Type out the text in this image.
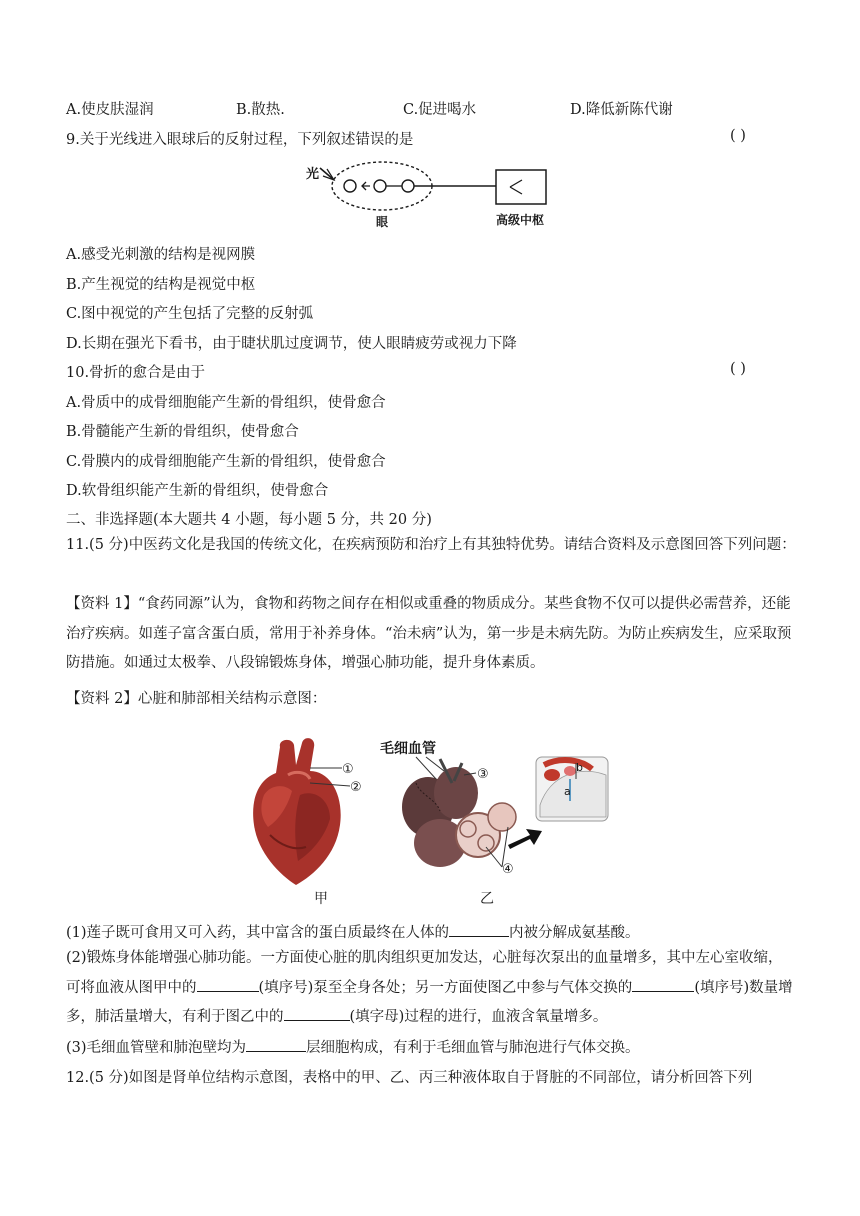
A.使皮肤湿润	B.散热.	C.促进喝水	D.降低新陈代谢
9.关于光线进入眼球后的反射过程，下列叙述错误的是	( )
光
眼	高级中枢
A.感受光刺激的结构是视网膜
B.产生视觉的结构是视觉中枢
C.图中视觉的产生包括了完整的反射弧
D.长期在强光下看书，由于睫状肌过度调节，使人眼睛疲劳或视力下降
10.骨折的愈合是由于	( )
A.骨质中的成骨细胞能产生新的骨组织，使骨愈合
B.骨髓能产生新的骨组织，使骨愈合
C.骨膜内的成骨细胞能产生新的骨组织，使骨愈合
D.软骨组织能产生新的骨组织，使骨愈合
二、非选择题(本大题共 4 小题，每小题 5 分，共 20 分)
11.(5 分)中医药文化是我国的传统文化，在疾病预防和治疗上有其独特优势。请结合资料及示意图回答下列问题：
【资料 1】“食药同源”认为，食物和药物之间存在相似或重叠的物质成分。某些食物不仅可以提供必需营养，还能治疗疾病。如莲子富含蛋白质，常用于补养身体。“治未病”认为，第一步是未病先防。为防止疾病发生，应采取预防措施。如通过太极拳、八段锦锻炼身体，增强心肺功能，提升身体素质。
【资料 2】心脏和肺部相关结构示意图：
①
②
甲
毛细血管
③
④
乙
b
a
(1)莲子既可食用又可入药，其中富含的蛋白质最终在人体的	内被分解成氨基酸。
(2)锻炼身体能增强心肺功能。一方面使心脏的肌肉组织更加发达，心脏每次泵出的血量增多，其中左心室收缩，可将血液从图甲中的	(填序号)泵至全身各处；另一方面使图乙中参与气体交换的	(填序号)数量增多，肺活量增大，有利于图乙中的	(填字母)过程的进行，血液含氧量增多。
(3)毛细血管壁和肺泡壁均为	层细胞构成，有利于毛细血管与肺泡进行气体交换。
12.(5 分)如图是肾单位结构示意图，表格中的甲、乙、丙三种液体取自于肾脏的不同部位，请分析回答下列
